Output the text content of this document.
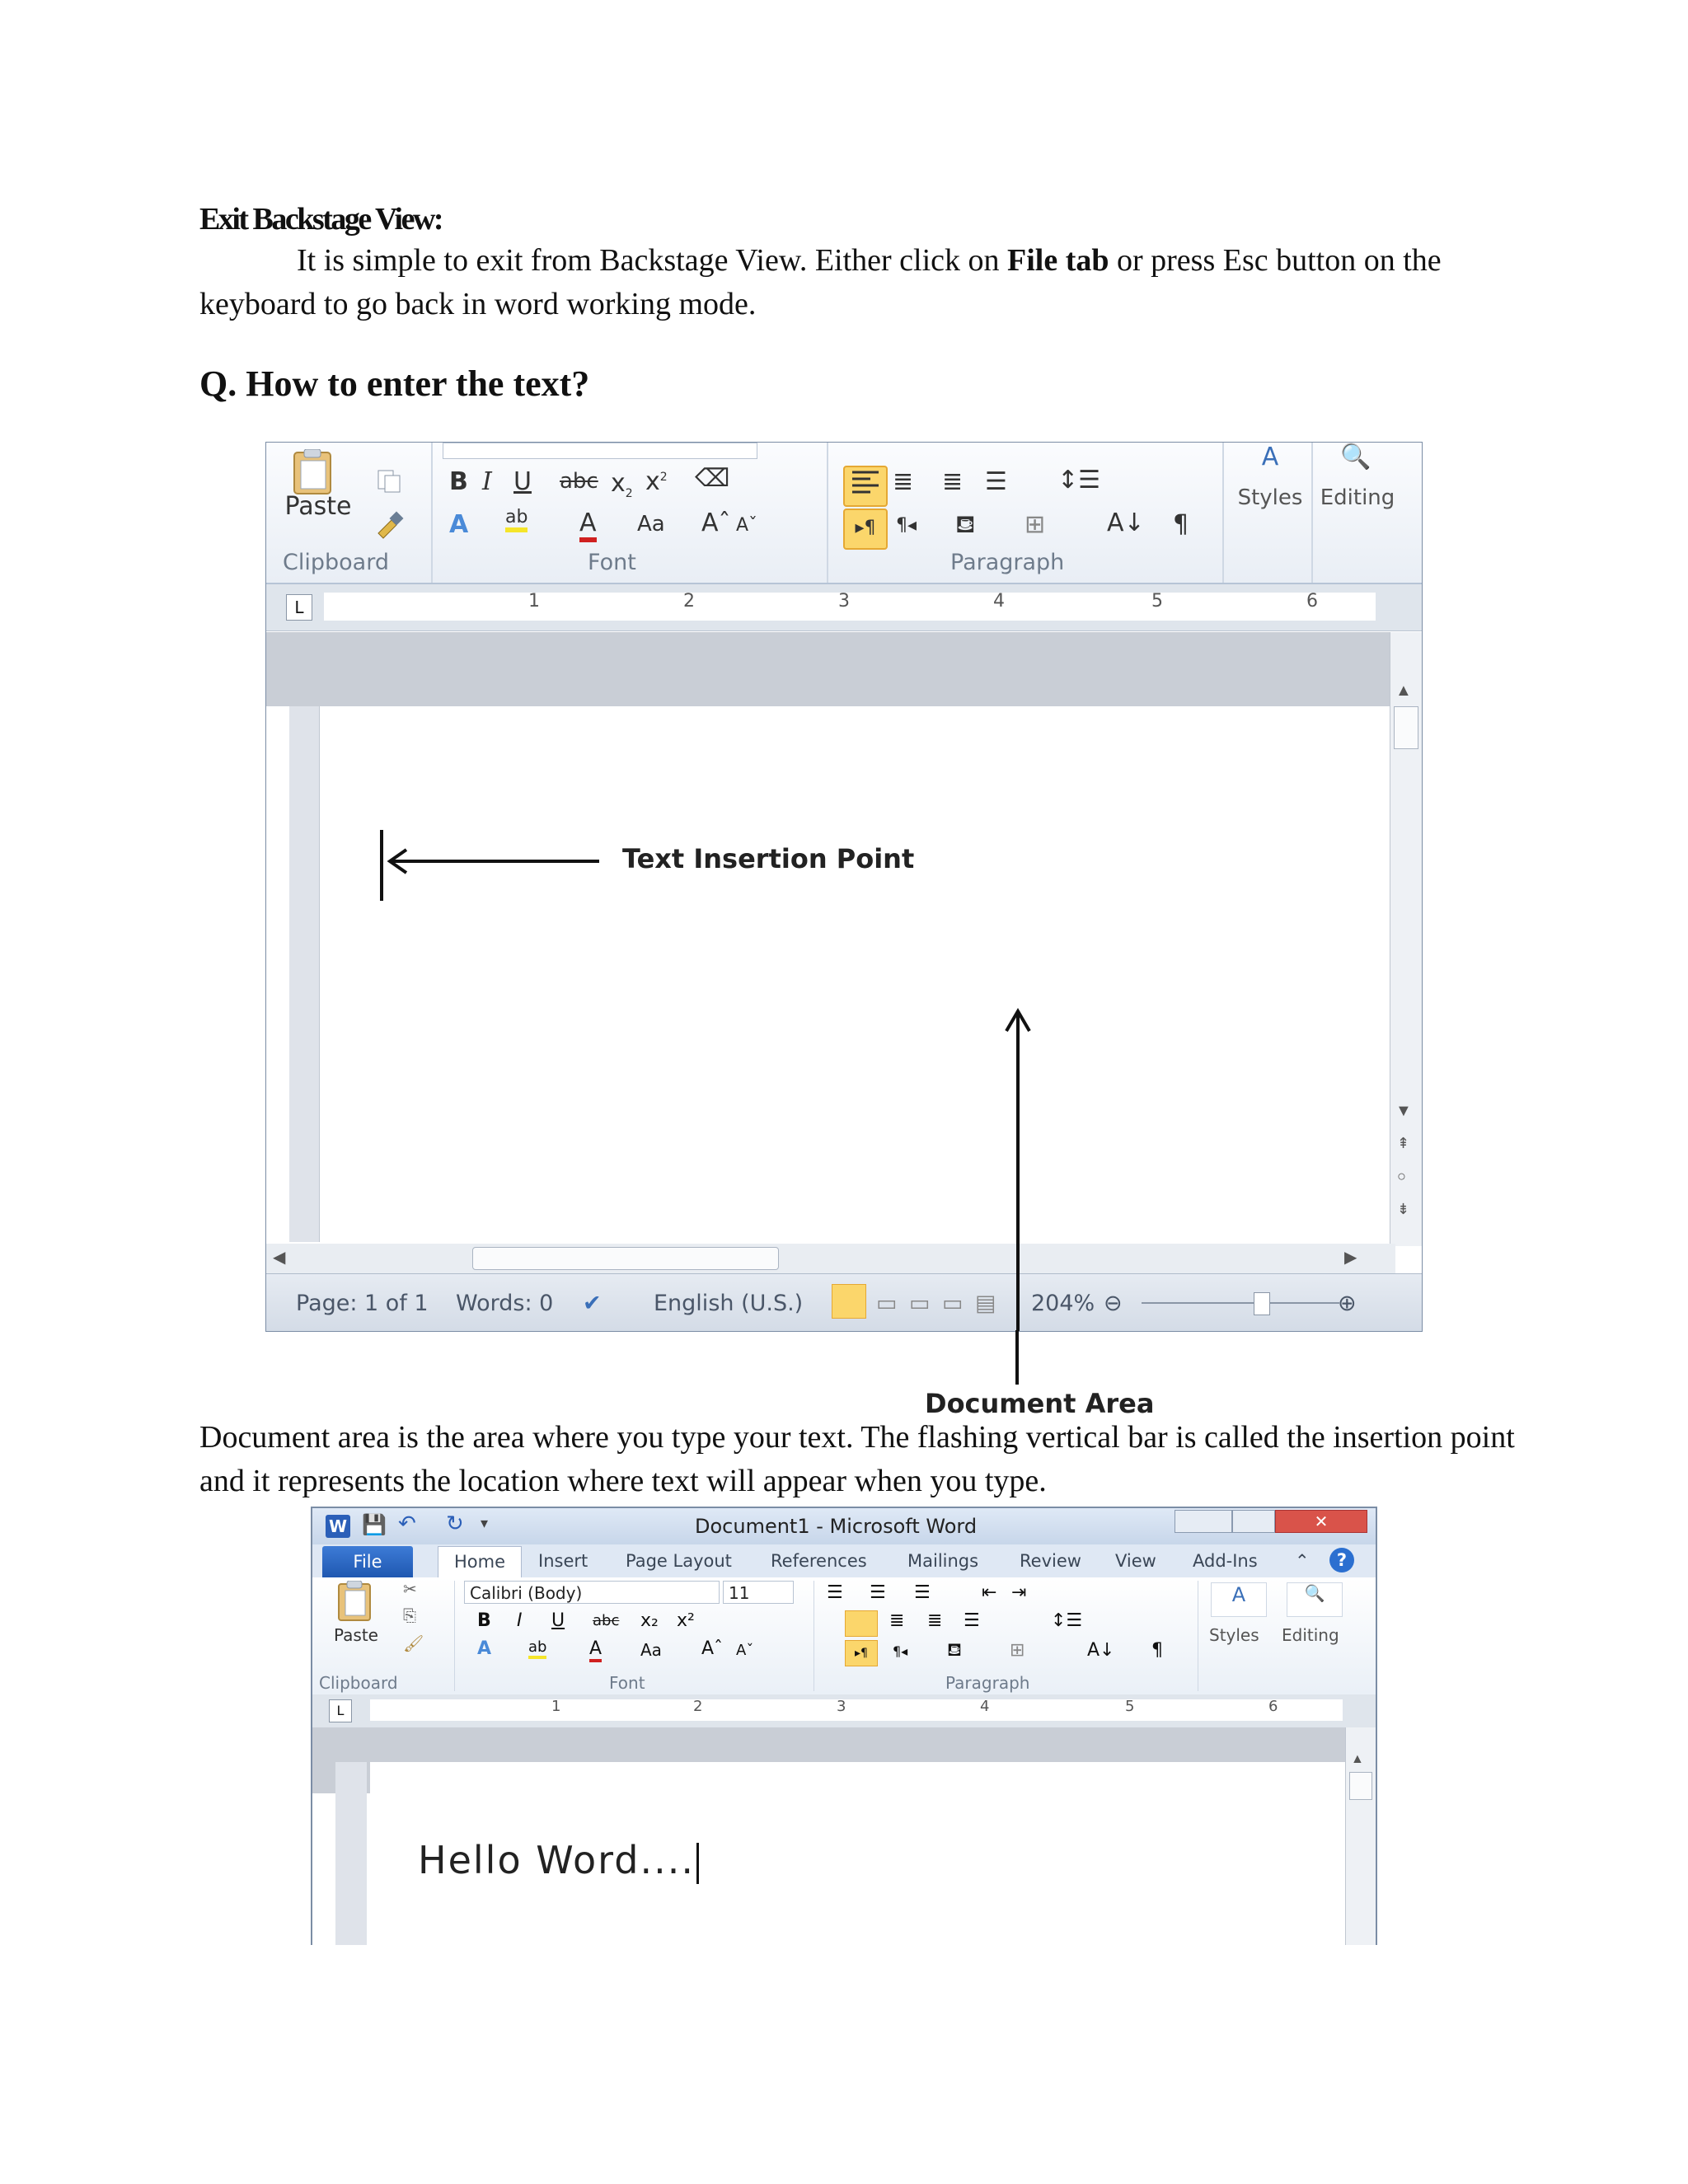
Exit Backstage View:
It is simple to exit from Backstage View. Either click on File tab or press Esc button on the keyboard to go back in word working mode.
Q. How to enter the text?
Paste
Clipboard
B I U abc $x_2$ $x^2$ ⌫
A ab A Aa Aˆ Aˇ
Font
≣ ≣ ☰ ↕☰
▸¶	¶◂ ⛾ ⊞ A↓ ¶
Paragraph
A
Styles
🔍
Editing
L	1	2	3	4	5	6
▲
▼
⇞
○
⇟
◀	▶
Page: 1 of 1 Words: 0 ✔ English (U.S.)	▭ ▭ ▭ ▤ 204% ⊖	⊕
Text Insertion Point
Document Area
Document area is the area where you type your text. The flashing vertical bar is called the insertion point and it represents the location where text will appear when you type.
W 💾 ↶ ↻ ▾	Document1 - Microsoft Word	✕
File	Home	Insert Page Layout References Mailings Review View Add-Ins ⌃	?
Paste
✂
⎘
🖌
Clipboard
Calibri (Body)	11
B I U abc x₂ x²
A ab A Aa Aˆ Aˇ
Font
☰ ☰ ☰	⇤ ⇥
≣ ≣ ☰	↕☰
▸¶	¶◂ ⛾	⊞	A↓ ¶
Paragraph
A
Styles
🔍
Editing
L	1	2	3	4	5	6
▲
Hello Word....
